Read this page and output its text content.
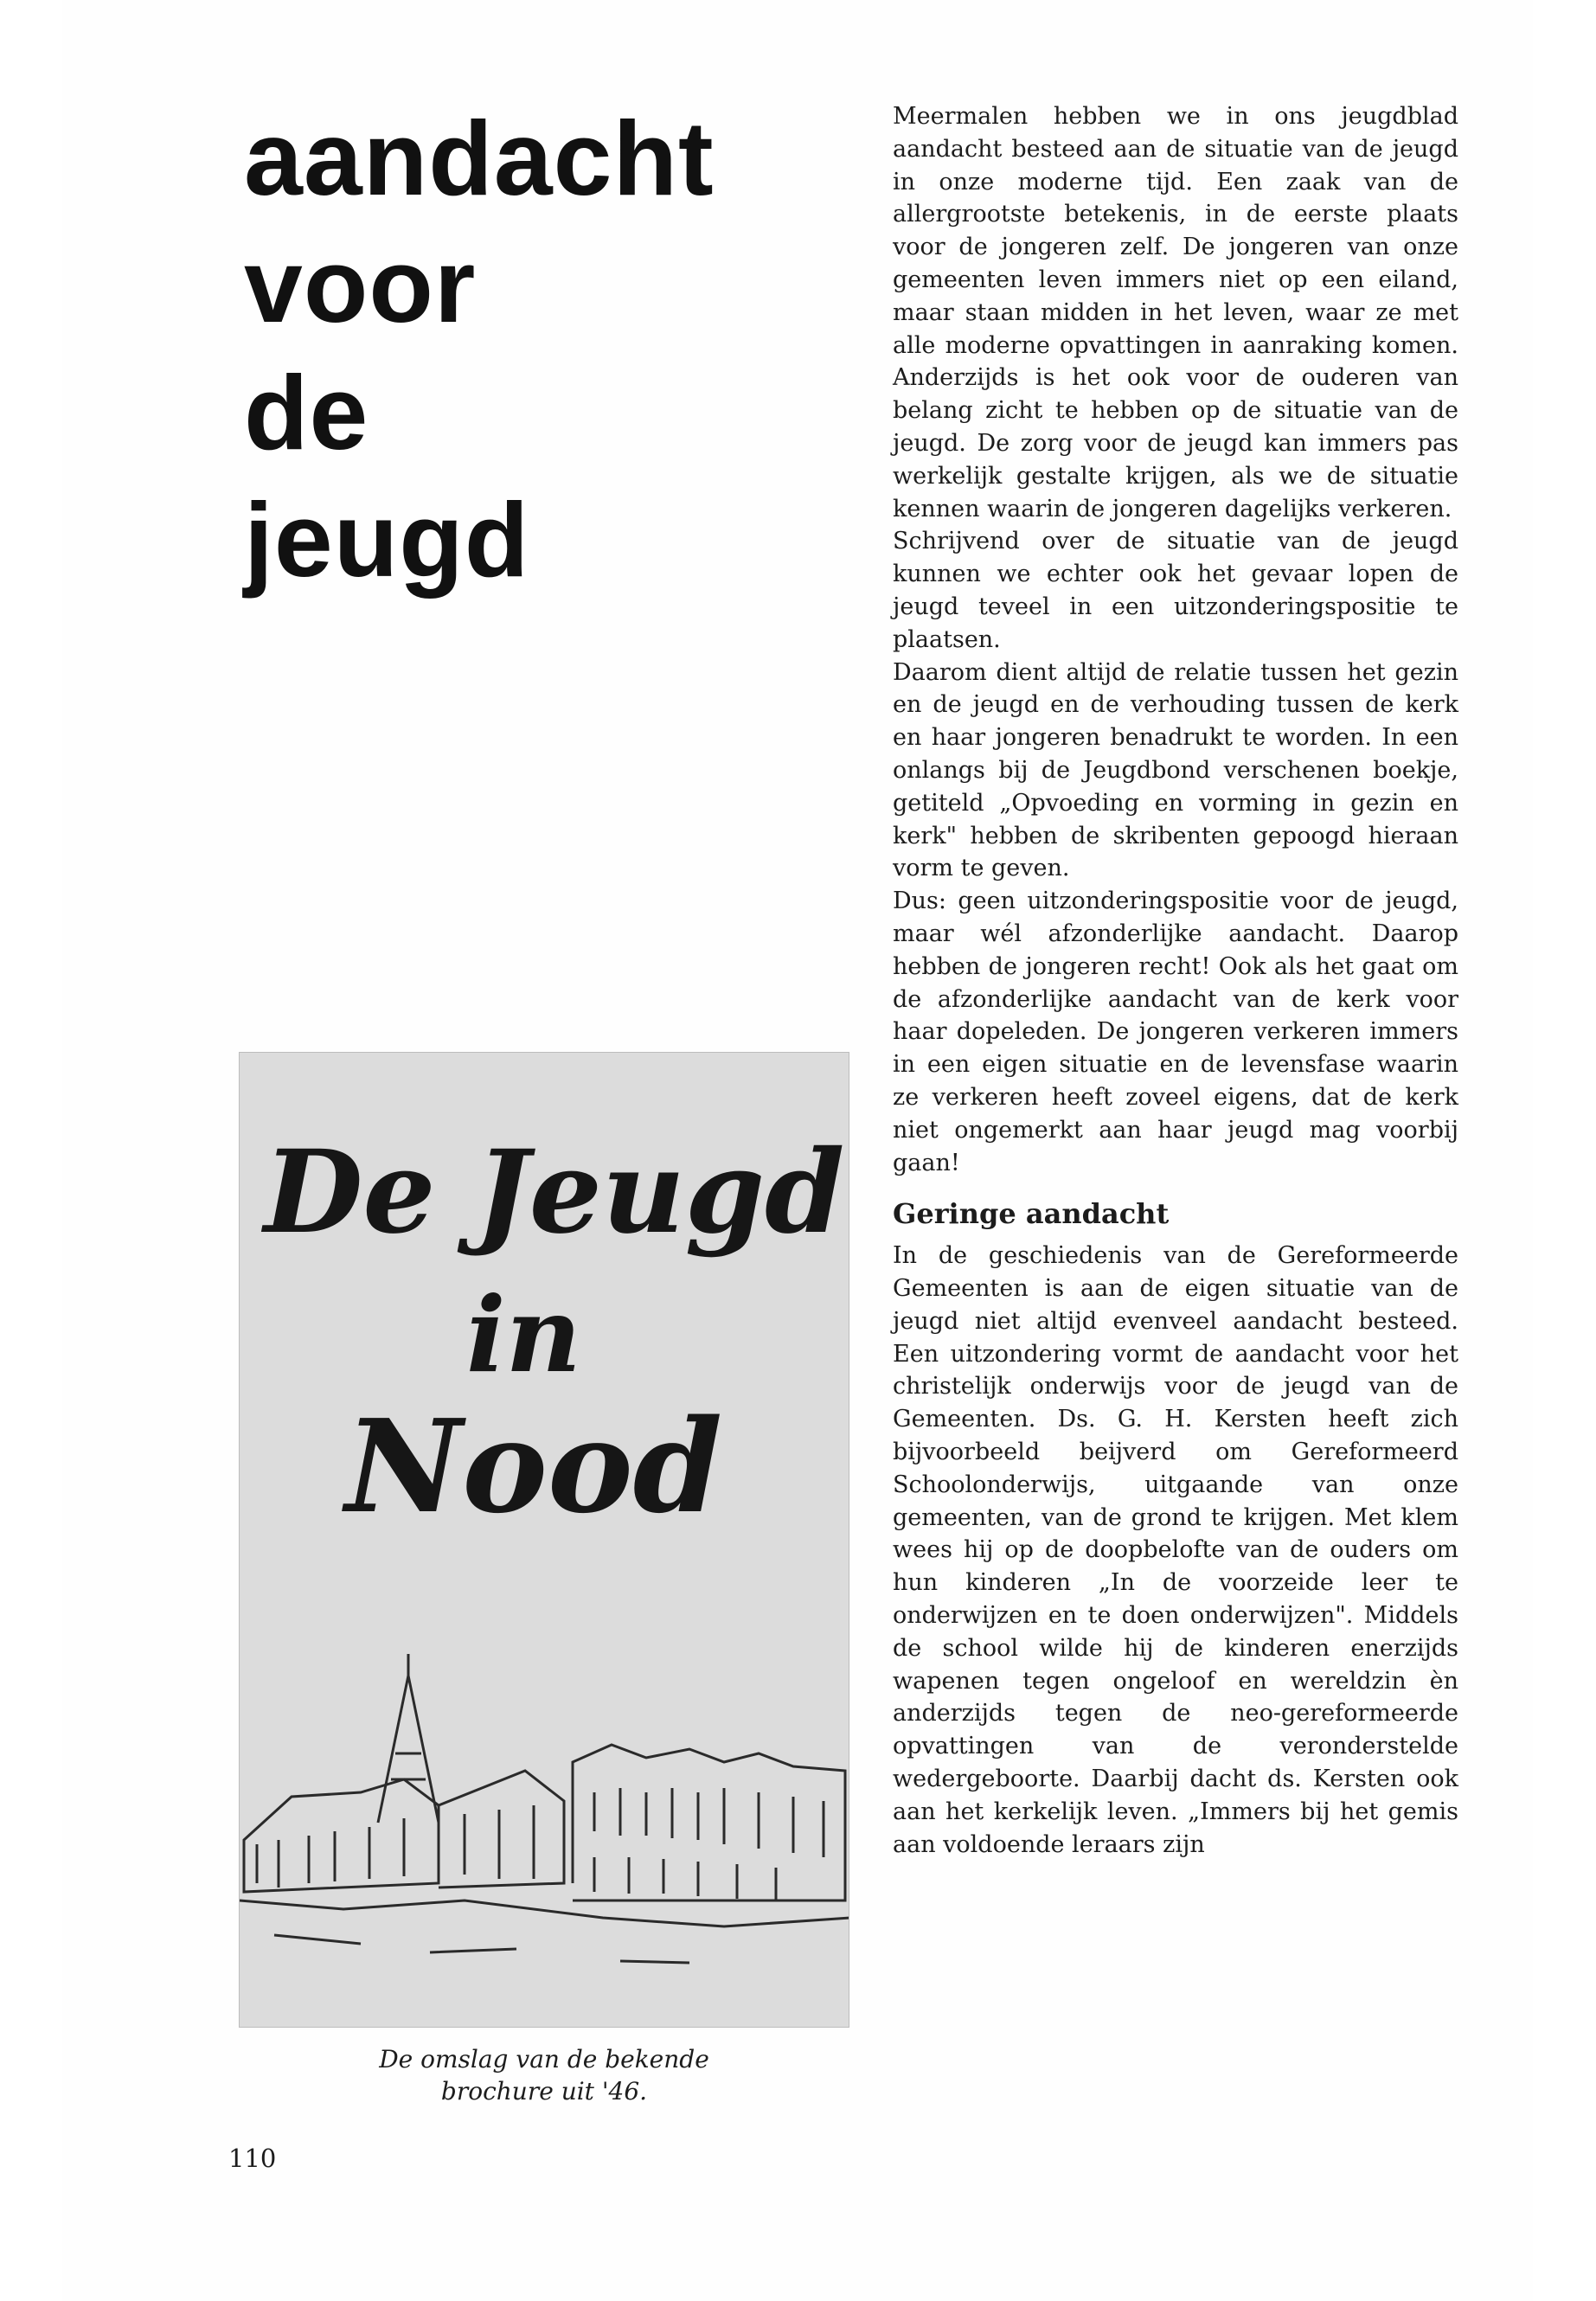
aandacht
voor
de
jeugd

Meermalen hebben we in ons jeugdblad aandacht besteed aan de situatie van de jeugd in onze moderne tijd. Een zaak van de allergrootste betekenis, in de eerste plaats voor de jongeren zelf. De jongeren van onze gemeenten leven immers niet op een eiland, maar staan midden in het leven, waar ze met alle moderne opvattingen in aanraking komen. Anderzijds is het ook voor de ouderen van belang zicht te hebben op de situatie van de jeugd. De zorg voor de jeugd kan immers pas werkelijk gestalte krijgen, als we de situatie kennen waarin de jongeren dagelijks verkeren.

Schrijvend over de situatie van de jeugd kunnen we echter ook het gevaar lopen de jeugd teveel in een uitzonderingspositie te plaatsen.

Daarom dient altijd de relatie tussen het gezin en de jeugd en de verhouding tussen de kerk en haar jongeren benadrukt te worden. In een onlangs bij de Jeugdbond verschenen boekje, getiteld „Opvoeding en vorming in gezin en kerk" hebben de skribenten gepoogd hieraan vorm te geven.

Dus: geen uitzonderingspositie voor de jeugd, maar wél afzonderlijke aandacht. Daarop hebben de jongeren recht! Ook als het gaat om de afzonderlijke aandacht van de kerk voor haar dopeleden. De jongeren verkeren immers in een eigen situatie en de levensfase waarin ze verkeren heeft zoveel eigens, dat de kerk niet ongemerkt aan haar jeugd mag voorbij gaan!

Geringe aandacht

In de geschiedenis van de Gereformeerde Gemeenten is aan de eigen situatie van de jeugd niet altijd evenveel aandacht besteed. Een uitzondering vormt de aandacht voor het christelijk onderwijs voor de jeugd van de Gemeenten. Ds. G. H. Kersten heeft zich bijvoorbeeld beijverd om Gereformeerd Schoolonderwijs, uitgaande van onze gemeenten, van de grond te krijgen. Met klem wees hij op de doopbelofte van de ouders om hun kinderen „In de voorzeide leer te onderwijzen en te doen onderwijzen". Middels de school wilde hij de kinderen enerzijds wapenen tegen ongeloof en wereldzin èn anderzijds tegen de neo-gereformeerde opvattingen van de veronderstelde wedergeboorte. Daarbij dacht ds. Kersten ook aan het kerkelijk leven. „Immers bij het gemis aan voldoende leraars zijn

De Jeugd
in
Nood
De omslag van de bekende
brochure uit '46.
110
